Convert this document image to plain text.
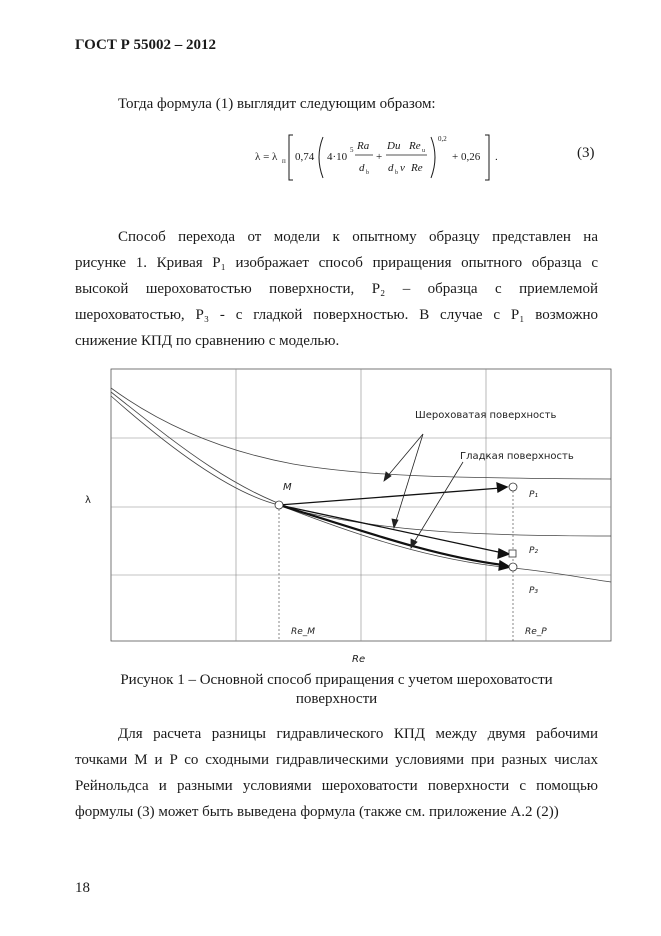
ГОСТ Р 55002 – 2012
Тогда формула (1) выглядит следующим образом:
λ = λ п 0,74 4·10
5 Ra
d b
+
Du Re u
d b ν Re
0,2
+ 0,26 .	(3)
Способ перехода от модели к опытному образцу представлен на
рисунке 1. Кривая P₁ изображает способ приращения опытного образца с
высокой шероховатостью поверхности, P₂ – образца с приемлемой
шероховатостью, P₃ - с гладкой поверхностью. В случае с P₁ возможно
снижение КПД по сравнению с моделью.
Шероховатая поверхность
Гладкая поверхность
M
P₁
P₂
P₃
Re_M	Re_P
λ
Re
Рисунок 1 – Основной способ приращения с учетом шероховатости
поверхности
Для расчета разницы гидравлического КПД между двумя рабочими
точками M и P со сходными гидравлическими условиями при разных числах
Рейнольдса и разными условиями шероховатости поверхности с помощью
формулы (3) может быть выведена формула (также см. приложение А.2 (2))
18
